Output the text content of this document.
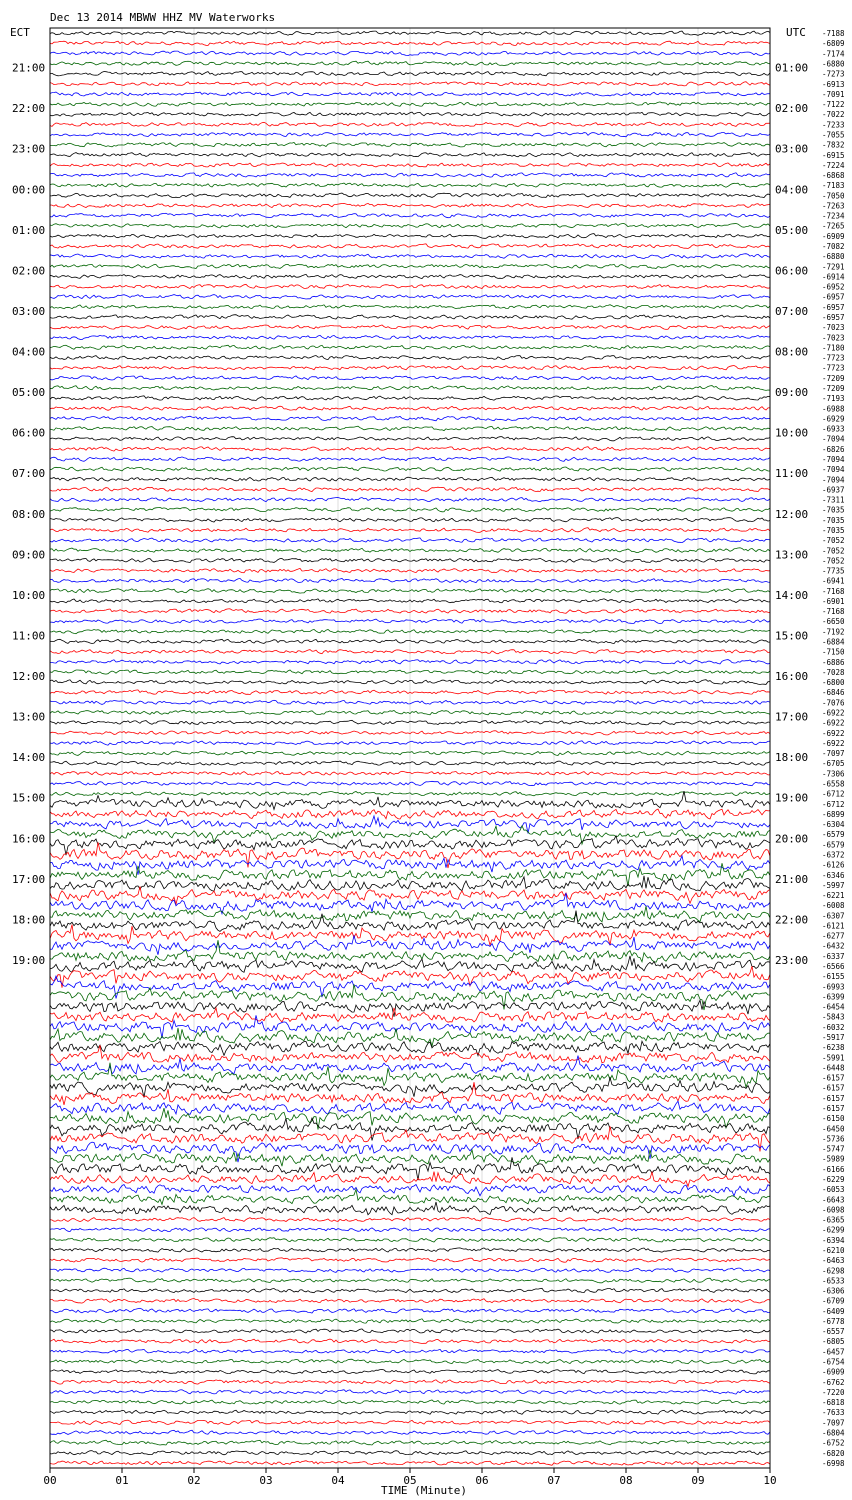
Dec 13 2014 MBWW HHZ MV Waterworks
ECT	UTC
TIME (Minute)
00	01	02	03	04	05	06	07	08	09	10
21:00
22:00
23:00
00:00
01:00
02:00
03:00
04:00
05:00
06:00
07:00
08:00
09:00
10:00
11:00
12:00
13:00
14:00
15:00
16:00
17:00
18:00
19:00
01:00
02:00
03:00
04:00
05:00
06:00
07:00
08:00
09:00
10:00
11:00
12:00
13:00
14:00
15:00
16:00
17:00
18:00
19:00
20:00
21:00
22:00
23:00
-7188
-6809
-7174
-6880
-7273
-6913
-7091
-7122
-7022
-7233
-7055
-7832
-6915
-7224
-6868
-7183
-7050
-7263
-7234
-7265
-6909
-7082
-6880
-7291
-6914
-6952
-6957
-6957
-6957
-7023
-7023
-7180
-7723
-7723
-7209
-7209
-7193
-6988
-6929
-6933
-7094
-6826
-7094
-7094
-7094
-6937
-7311
-7035
-7035
-7035
-7052
-7052
-7052
-7735
-6941
-7168
-6901
-7168
-6650
-7192
-6884
-7150
-6886
-7028
-6800
-6846
-7076
-6922
-6922
-6922
-6922
-7097
-6705
-7306
-6558
-6712
-6712
-6899
-6304
-6579
-6579
-6372
-6126
-6346
-5997
-6221
-6008
-6307
-6121
-6277
-6432
-6337
-6566
-6155
-6993
-6399
-6454
-5843
-6032
-5917
-6238
-5991
-6448
-6157
-6157
-6157
-6157
-6150
-6450
-5736
-5747
-5989
-6166
-6229
-6053
-6643
-6098
-6365
-6299
-6394
-6210
-6463
-6298
-6533
-6306
-6709
-6409
-6778
-6557
-6805
-6457
-6754
-6909
-6762
-7220
-6818
-7633
-7097
-6804
-6752
-6820
-6998
